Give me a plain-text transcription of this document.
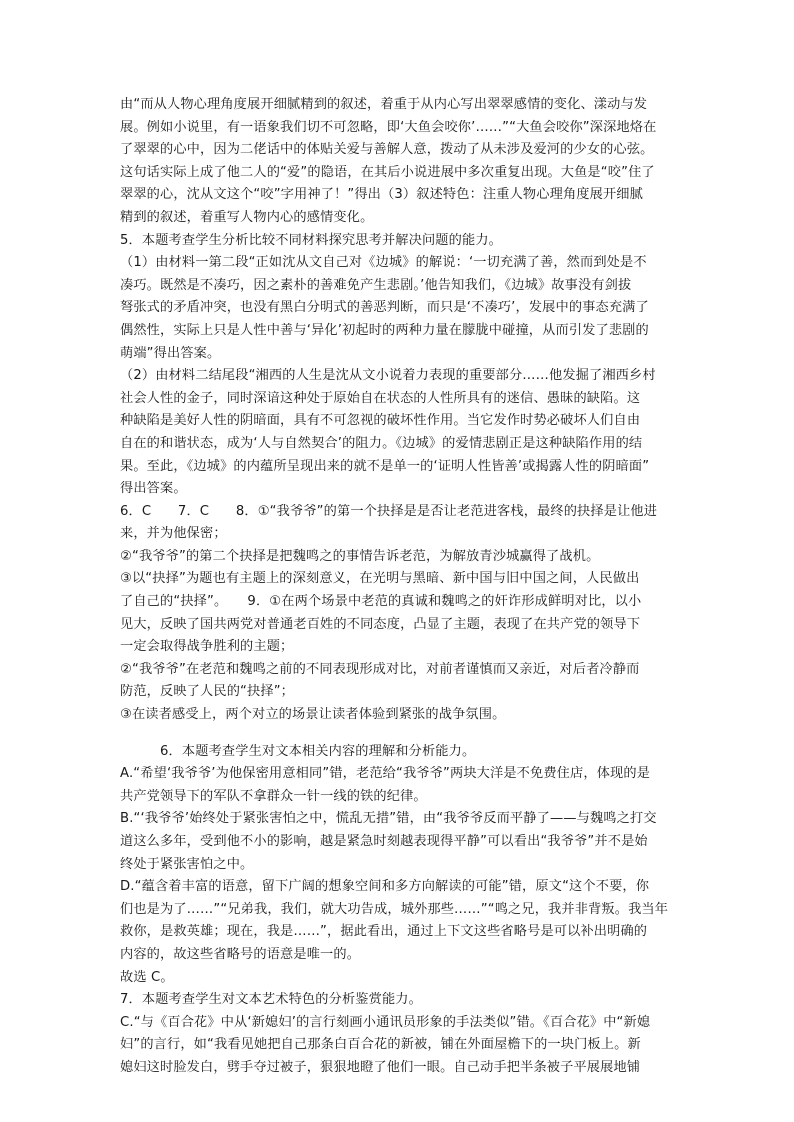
由“而从人物心理角度展开细腻精到的叙述，着重于从内心写出翠翠感情的变化、漾动与发
展。例如小说里，有一语象我们切不可忽略，即‘大鱼会咬你’……”“大鱼会咬你”深深地烙在
了翠翠的心中，因为二佬话中的体贴关爱与善解人意，拨动了从未涉及爱河的少女的心弦。
这句话实际上成了他二人的“爱”的隐语，在其后小说进展中多次重复出现。大鱼是“咬”住了
翠翠的心，沈从文这个“咬”字用神了！”得出（3）叙述特色：注重人物心理角度展开细腻
精到的叙述，着重写人物内心的感情变化。
5．本题考查学生分析比较不同材料探究思考并解决问题的能力。
（1）由材料一第二段“正如沈从文自己对《边城》的解说：‘一切充满了善，然而到处是不
凑巧。既然是不凑巧，因之素朴的善难免产生悲剧。’他告知我们，《边城》故事没有剑拔
弩张式的矛盾冲突，也没有黑白分明式的善恶判断，而只是‘不凑巧’，发展中的事态充满了
偶然性，实际上只是人性中善与‘异化’初起时的两种力量在朦胧中碰撞，从而引发了悲剧的
萌端”得出答案。
（2）由材料二结尾段“湘西的人生是沈从文小说着力表现的重要部分……他发掘了湘西乡村
社会人性的金子，同时深谙这种处于原始自在状态的人性所具有的迷信、愚昧的缺陷。这
种缺陷是美好人性的阴暗面，具有不可忽视的破坏性作用。当它发作时势必破坏人们自由
自在的和谐状态，成为‘人与自然契合’的阻力。《边城》的爱情悲剧正是这种缺陷作用的结
果。至此，《边城》的内蕴所呈现出来的就不是单一的‘证明人性皆善’或揭露人性的阴暗面”
得出答案。
6．C　　7．C　　8．①“我爷爷”的第一个抉择是是否让老范进客栈，最终的抉择是让他进
来，并为他保密；
②“我爷爷”的第二个抉择是把魏鸣之的事情告诉老范，为解放青沙城赢得了战机。
③以“抉择”为题也有主题上的深刻意义，在光明与黑暗、新中国与旧中国之间，人民做出
了自己的“抉择”。　　9．①在两个场景中老范的真诚和魏鸣之的奸诈形成鲜明对比，以小
见大，反映了国共两党对普通老百姓的不同态度，凸显了主题，表现了在共产党的领导下
一定会取得战争胜利的主题；
②“我爷爷”在老范和魏鸣之前的不同表现形成对比，对前者谨慎而又亲近，对后者冷静而
防范，反映了人民的“抉择”；
③在读者感受上，两个对立的场景让读者体验到紧张的战争氛围。
　　　6．本题考查学生对文本相关内容的理解和分析能力。
A.“希望‘我爷爷’为他保密用意相同”错，老范给“我爷爷”两块大洋是不免费住店，体现的是
共产党领导下的军队不拿群众一针一线的铁的纪律。
B.“‘我爷爷’始终处于紧张害怕之中，慌乱无措”错，由“我爷爷反而平静了——与魏鸣之打交
道这么多年，受到他不小的影响，越是紧急时刻越表现得平静”可以看出“我爷爷”并不是始
终处于紧张害怕之中。
D.“蕴含着丰富的语意，留下广阔的想象空间和多方向解读的可能”错，原文“这个不要，你
们也是为了……”“兄弟我，我们，就大功告成，城外那些……”“鸣之兄，我并非背叛。我当年
救你，是救英雄；现在，我是……”，据此看出，通过上下文这些省略号是可以补出明确的
内容的，故这些省略号的语意是唯一的。
故选 C。
7．本题考查学生对文本艺术特色的分析鉴赏能力。
C.“与《百合花》中从‘新媳妇’的言行刻画小通讯员形象的手法类似”错。《百合花》中“新媳
妇”的言行，如“我看见她把自己那条白百合花的新被，铺在外面屋檐下的一块门板上。新
媳妇这时脸发白，劈手夺过被子，狠狠地瞪了他们一眼。自己动手把半条被子平展展地铺
